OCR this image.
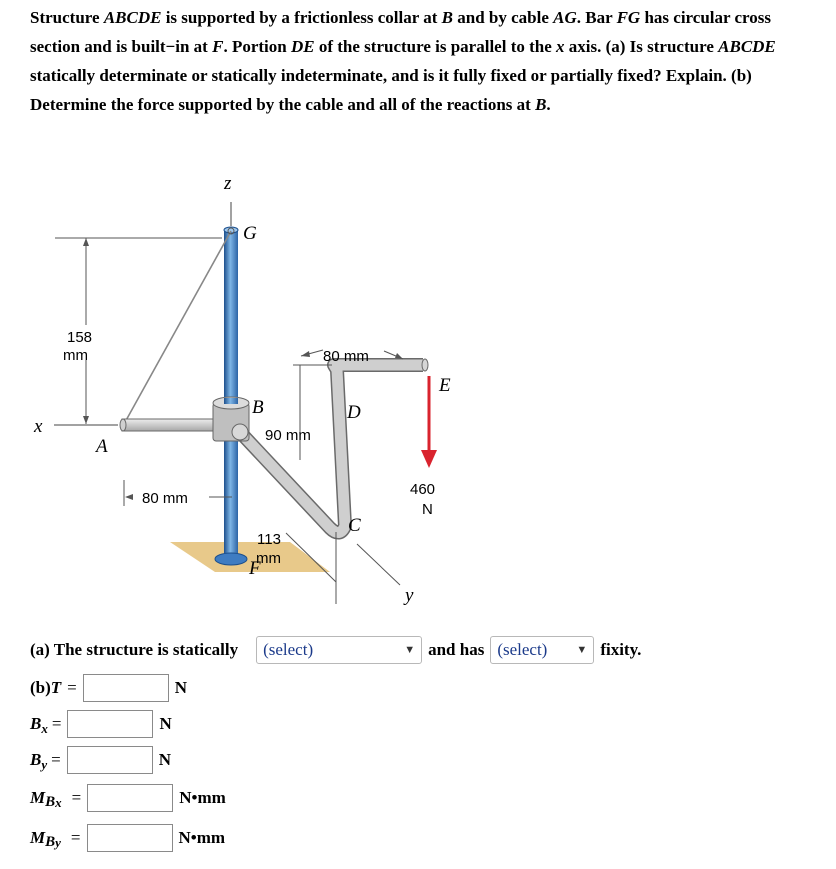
Structure ABCDE is supported by a frictionless collar at B and by cable AG. Bar FG has circular cross section and is built−in at F. Portion DE of the structure is parallel to the x axis. (a) Is structure ABCDE statically determinate or statically indeterminate, and is it fully fixed or partially fixed? Explain. (b) Determine the force supported by the cable and all of the reactions at B.
158
mm
80 mm
90 mm
80 mm
113
mm
460
N
z
G
x
A
B	D
E
C
F
y
(a) The structure is statically (select)	▼ and has (select)	▼ fixity.
(b) T =	N
$B_x$ =	N
$B_y$ =	N
M $B_x$ =	N•mm
M $B_y$ =	N•mm
